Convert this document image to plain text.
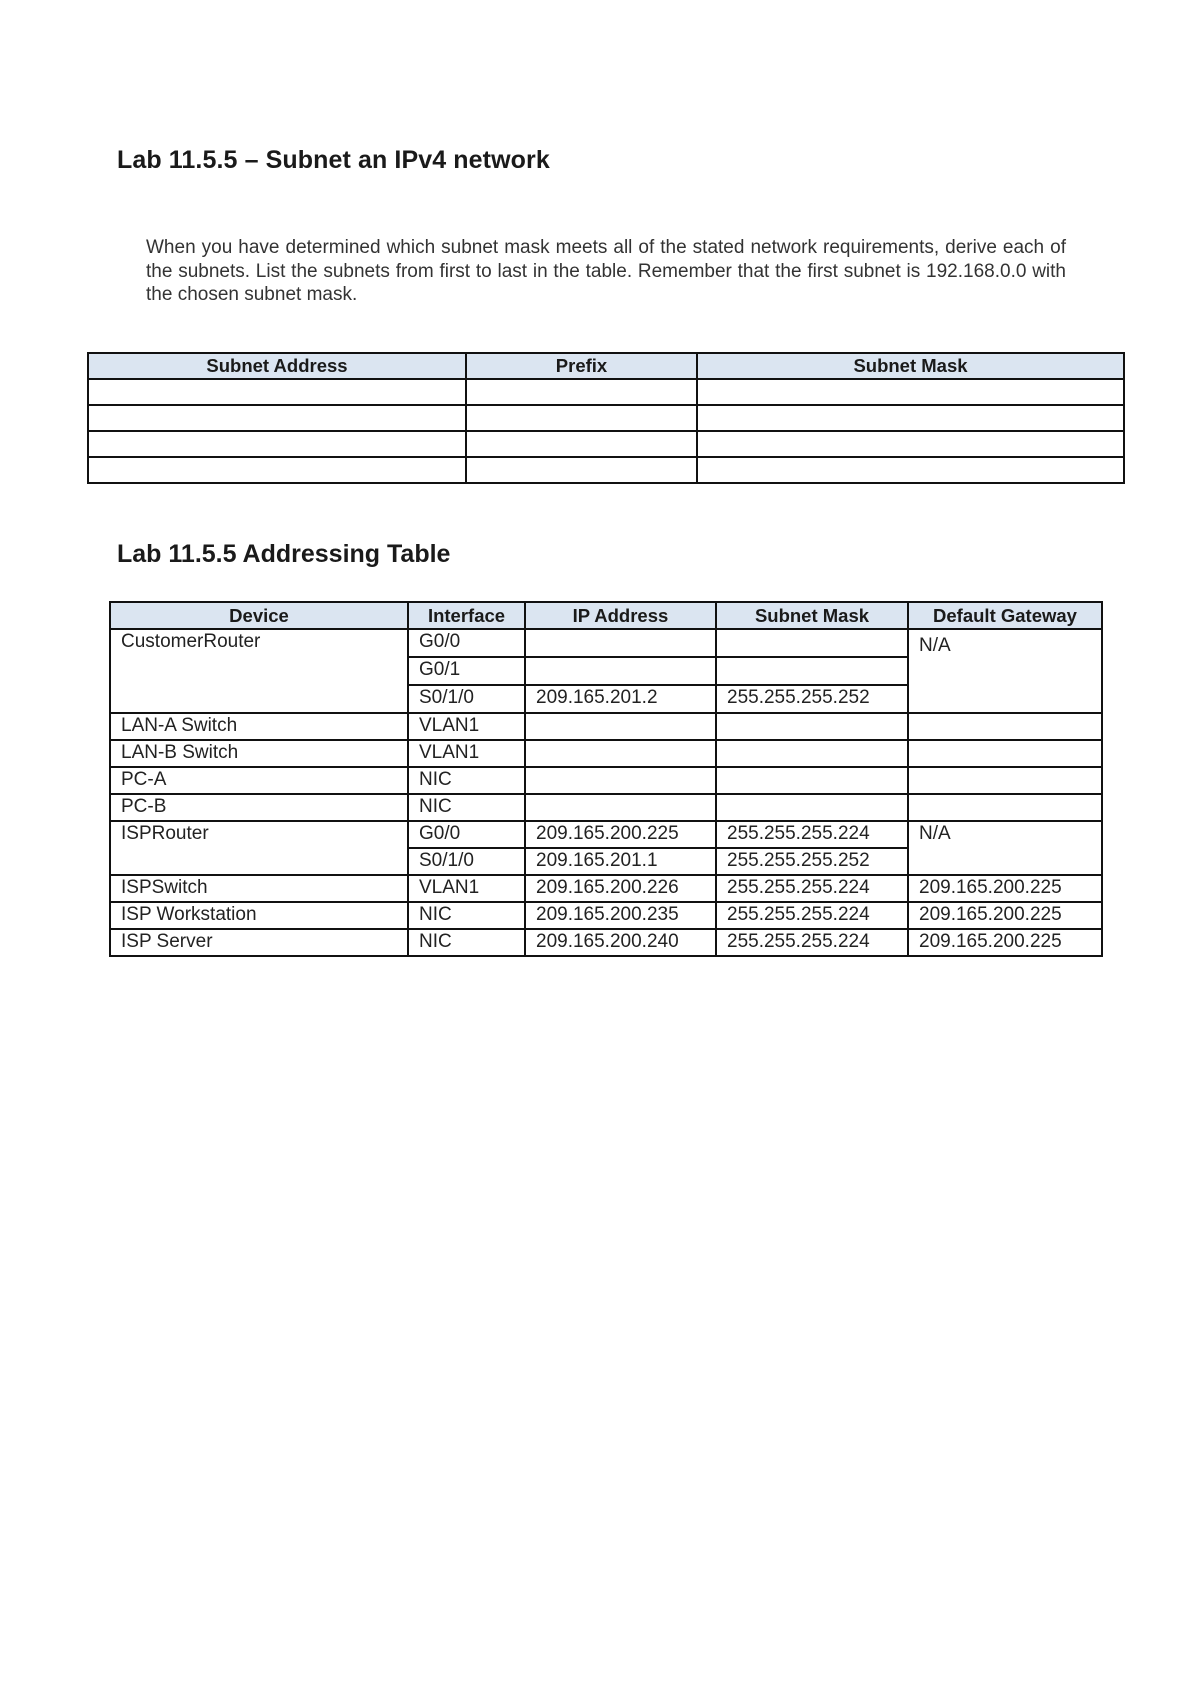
Lab 11.5.5 – Subnet an IPv4 network

When you have determined which subnet mask meets all of the stated network requirements, derive each of the subnets. List the subnets from first to last in the table. Remember that the first subnet is 192.168.0.0 with the chosen subnet mask.

Subnet Address	Prefix	Subnet Mask

Lab 11.5.5 Addressing Table
Device	Interface	IP Address	Subnet Mask	Default Gateway
CustomerRouter	G0/0			N/A
	G0/1			
	S0/1/0	209.165.201.2	255.255.255.252	
LAN-A Switch	VLAN1			
LAN-B Switch	VLAN1			
PC-A	NIC			
PC-B	NIC			
ISPRouter	G0/0	209.165.200.225	255.255.255.224	N/A
	S0/1/0	209.165.201.1	255.255.255.252	
ISPSwitch	VLAN1	209.165.200.226	255.255.255.224	209.165.200.225
ISP Workstation	NIC	209.165.200.235	255.255.255.224	209.165.200.225
ISP Server	NIC	209.165.200.240	255.255.255.224	209.165.200.225
